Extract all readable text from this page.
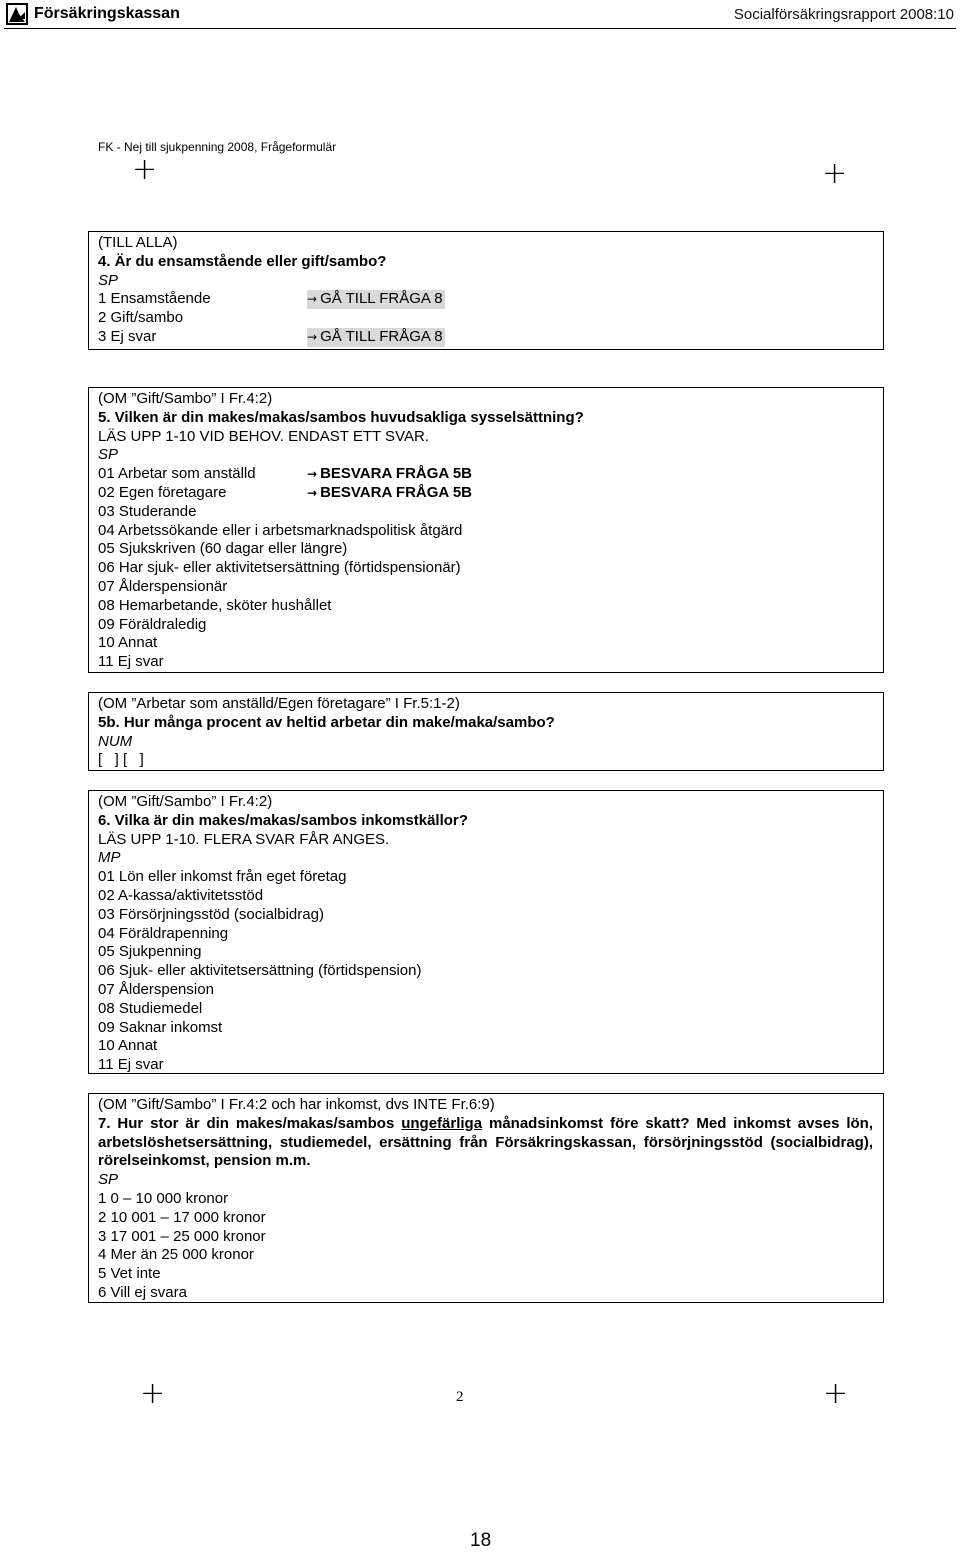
Försäkringskassan	Socialförsäkringsrapport 2008:10
FK - Nej till sjukpenning 2008, Frågeformulär
+	+
(TILL ALLA)
4. Är du ensamstående eller gift/sambo?
SP
1 Ensamstående	→ GÅ TILL FRÅGA 8
2 Gift/sambo
3 Ej svar	→ GÅ TILL FRÅGA 8
(OM ”Gift/Sambo” I Fr.4:2)
5. Vilken är din makes/makas/sambos huvudsakliga sysselsättning?
LÄS UPP 1-10 VID BEHOV. ENDAST ETT SVAR.
SP
01 Arbetar som anställd	→ BESVARA FRÅGA 5B
02 Egen företagare	→ BESVARA FRÅGA 5B
03 Studerande
04 Arbetssökande eller i arbetsmarknadspolitisk åtgärd
05 Sjukskriven (60 dagar eller längre)
06 Har sjuk- eller aktivitetsersättning (förtidspensionär)
07 Ålderspensionär
08 Hemarbetande, sköter hushållet
09 Föräldraledig
10 Annat
11 Ej svar
(OM ”Arbetar som anställd/Egen företagare” I Fr.5:1-2)
5b. Hur många procent av heltid arbetar din make/maka/sambo?
NUM
[   ] [   ]
(OM ”Gift/Sambo” I Fr.4:2)
6. Vilka är din makes/makas/sambos inkomstkällor?
LÄS UPP 1-10. FLERA SVAR FÅR ANGES.
MP
01 Lön eller inkomst från eget företag
02 A-kassa/aktivitetsstöd
03 Försörjningsstöd (socialbidrag)
04 Föräldrapenning
05 Sjukpenning
06 Sjuk- eller aktivitetsersättning (förtidspension)
07 Ålderspension
08 Studiemedel
09 Saknar inkomst
10 Annat
11 Ej svar
(OM ”Gift/Sambo” I Fr.4:2 och har inkomst, dvs INTE Fr.6:9)
7. Hur stor är din makes/makas/sambos ungefärliga månadsinkomst före skatt? Med inkomst avses lön, arbetslöshetsersättning, studiemedel, ersättning från Försäkringskassan, försörjningsstöd (socialbidrag), rörelseinkomst, pension m.m.
SP
1 0 – 10 000 kronor
2 10 001 – 17 000 kronor
3 17 001 – 25 000 kronor
4 Mer än 25 000 kronor
5 Vet inte
6 Vill ej svara
+	+
2
18
